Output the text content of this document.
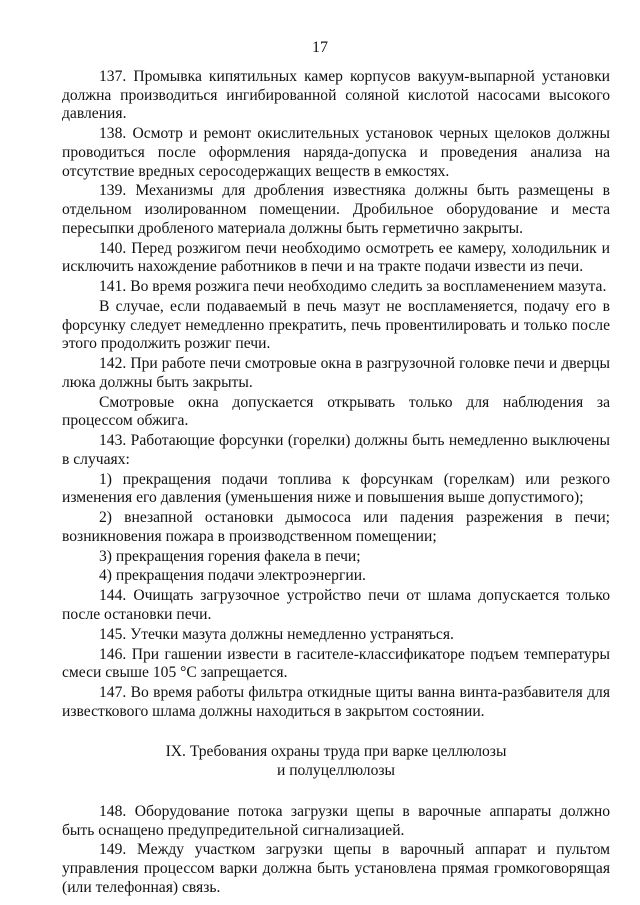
17

137. Промывка кипятильных камер корпусов вакуум-выпарной установки должна производиться ингибированной соляной кислотой насосами высокого давления.

138. Осмотр и ремонт окислительных установок черных щелоков должны проводиться после оформления наряда-допуска и проведения анализа на отсутствие вредных серосодержащих веществ в емкостях.

139. Механизмы для дробления известняка должны быть размещены в отдельном изолированном помещении. Дробильное оборудование и места пересыпки дробленого материала должны быть герметично закрыты.

140. Перед розжигом печи необходимо осмотреть ее камеру, холодильник и исключить нахождение работников в печи и на тракте подачи извести из печи.

141. Во время розжига печи необходимо следить за воспламенением мазута.

В случае, если подаваемый в печь мазут не воспламеняется, подачу его в форсунку следует немедленно прекратить, печь провентилировать и только после этого продолжить розжиг печи.

142. При работе печи смотровые окна в разгрузочной головке печи и дверцы люка должны быть закрыты.

Смотровые окна допускается открывать только для наблюдения за процессом обжига.

143. Работающие форсунки (горелки) должны быть немедленно выключены в случаях:

1) прекращения подачи топлива к форсункам (горелкам) или резкого изменения его давления (уменьшения ниже и повышения выше допустимого);

2) внезапной остановки дымососа или падения разрежения в печи; возникновения пожара в производственном помещении;

3) прекращения горения факела в печи;

4) прекращения подачи электроэнергии.

144. Очищать загрузочное устройство печи от шлама допускается только после остановки печи.

145. Утечки мазута должны немедленно устраняться.

146. При гашении извести в гасителе-классификаторе подъем температуры смеси свыше 105 °С запрещается.

147. Во время работы фильтра откидные щиты ванна винта-разбавителя для известкового шлама должны находиться в закрытом состоянии.

IX. Требования охраны труда при варке целлюлозы
и полуцеллюлозы

148. Оборудование потока загрузки щепы в варочные аппараты должно быть оснащено предупредительной сигнализацией.

149. Между участком загрузки щепы в варочный аппарат и пультом управления процессом варки должна быть установлена прямая громкоговорящая (или телефонная) связь.
